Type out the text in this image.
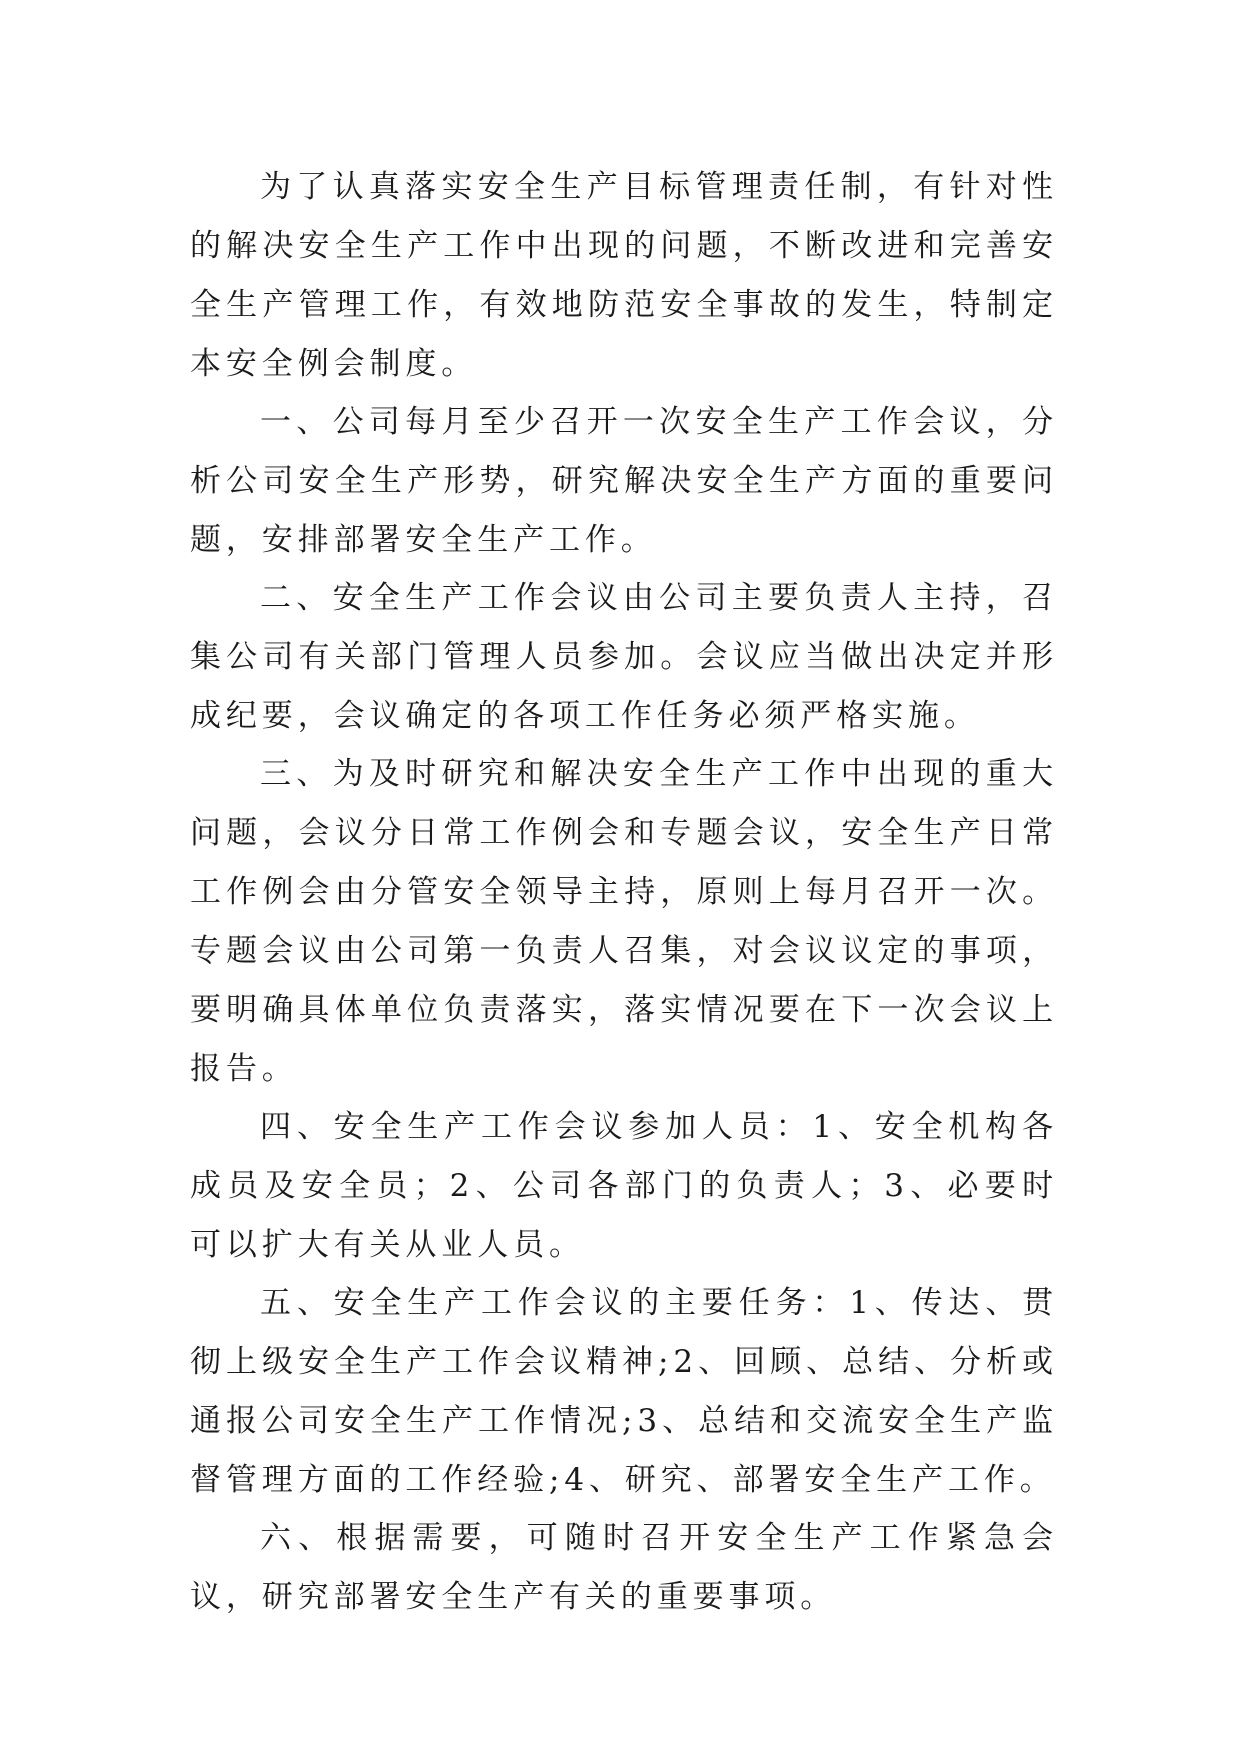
为了认真落实安全生产目标管理责任制，有针对性的解决安全生产工作中出现的问题，不断改进和完善安全生产管理工作，有效地防范安全事故的发生，特制定本安全例会制度。

一、公司每月至少召开一次安全生产工作会议，分析公司安全生产形势，研究解决安全生产方面的重要问题，安排部署安全生产工作。

二、安全生产工作会议由公司主要负责人主持，召集公司有关部门管理人员参加。会议应当做出决定并形成纪要，会议确定的各项工作任务必须严格实施。

三、为及时研究和解决安全生产工作中出现的重大问题，会议分日常工作例会和专题会议，安全生产日常工作例会由分管安全领导主持，原则上每月召开一次。专题会议由公司第一负责人召集，对会议议定的事项，要明确具体单位负责落实，落实情况要在下一次会议上报告。

四、安全生产工作会议参加人员：1、安全机构各成员及安全员；2、公司各部门的负责人；3、必要时可以扩大有关从业人员。

五、安全生产工作会议的主要任务：1、传达、贯彻上级安全生产工作会议精神;2、回顾、总结、分析或通报公司安全生产工作情况;3、总结和交流安全生产监督管理方面的工作经验;4、研究、部署安全生产工作。

六、根据需要，可随时召开安全生产工作紧急会议，研究部署安全生产有关的重要事项。
